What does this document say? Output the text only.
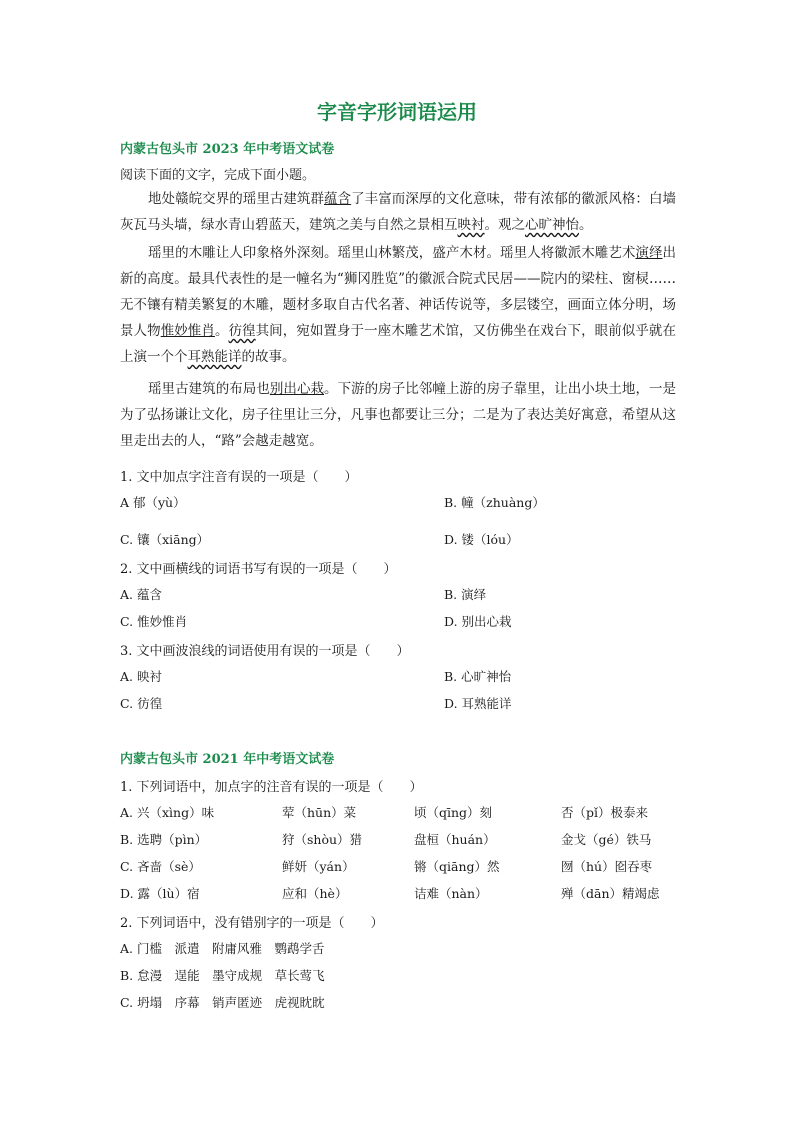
字音字形词语运用
内蒙古包头市 2023 年中考语文试卷
阅读下面的文字，完成下面小题。
地处赣皖交界的瑶里古建筑群蕴含了丰富而深厚的文化意味，带有浓郁的徽派风格：白墙灰瓦马头墙，绿水青山碧蓝天，建筑之美与自然之景相互映衬。观之心旷神怡。
瑶里的木雕让人印象格外深刻。瑶里山林繁茂，盛产木材。瑶里人将徽派木雕艺术演绎出新的高度。最具代表性的是一幢名为“狮冈胜览”的徽派合院式民居——院内的梁柱、窗棂……无不镶有精美繁复的木雕，题材多取自古代名著、神话传说等，多层镂空，画面立体分明，场景人物惟妙惟肖。彷徨其间，宛如置身于一座木雕艺术馆，又仿佛坐在戏台下，眼前似乎就在上演一个个耳熟能详的故事。
瑶里古建筑的布局也别出心栽。下游的房子比邻幢上游的房子靠里，让出小块土地，一是为了弘扬谦让文化，房子往里让三分，凡事也都要让三分；二是为了表达美好寓意，希望从这里走出去的人，“路”会越走越宽。
1. 文中加点字注音有误的一项是（　　）
A 郁（yù）	B. 幢（zhuàng）
C. 镶（xiāng）	D. 镂（lóu）
2. 文中画横线的词语书写有误的一项是（　　）
A. 蕴含	B. 演绎
C. 惟妙惟肖	D. 别出心栽
3. 文中画波浪线的词语使用有误的一项是（　　）
A. 映衬	B. 心旷神怡
C. 彷徨	D. 耳熟能详
内蒙古包头市 2021 年中考语文试卷
1. 下列词语中，加点字的注音有误的一项是（　　）
A. 兴（xìng）味	荤（hūn）菜	顷（qīng）刻	否（pǐ）极泰来
B. 选聘（pìn）	狩（shòu）猎	盘桓（huán）	金戈（gé）铁马
C. 吝啬（sè）	鲜妍（yán）	锵（qiāng）然	囫（hú）囵吞枣
D. 露（lù）宿	应和（hè）	诘难（nàn）	殚（dān）精竭虑
2. 下列词语中，没有错别字的一项是（　　）
A. 门槛　派遣　附庸风雅　鹦鹉学舌
B. 怠漫　逞能　墨守成规　草长莺飞
C. 坍塌　序幕　销声匿迹　虎视眈眈
